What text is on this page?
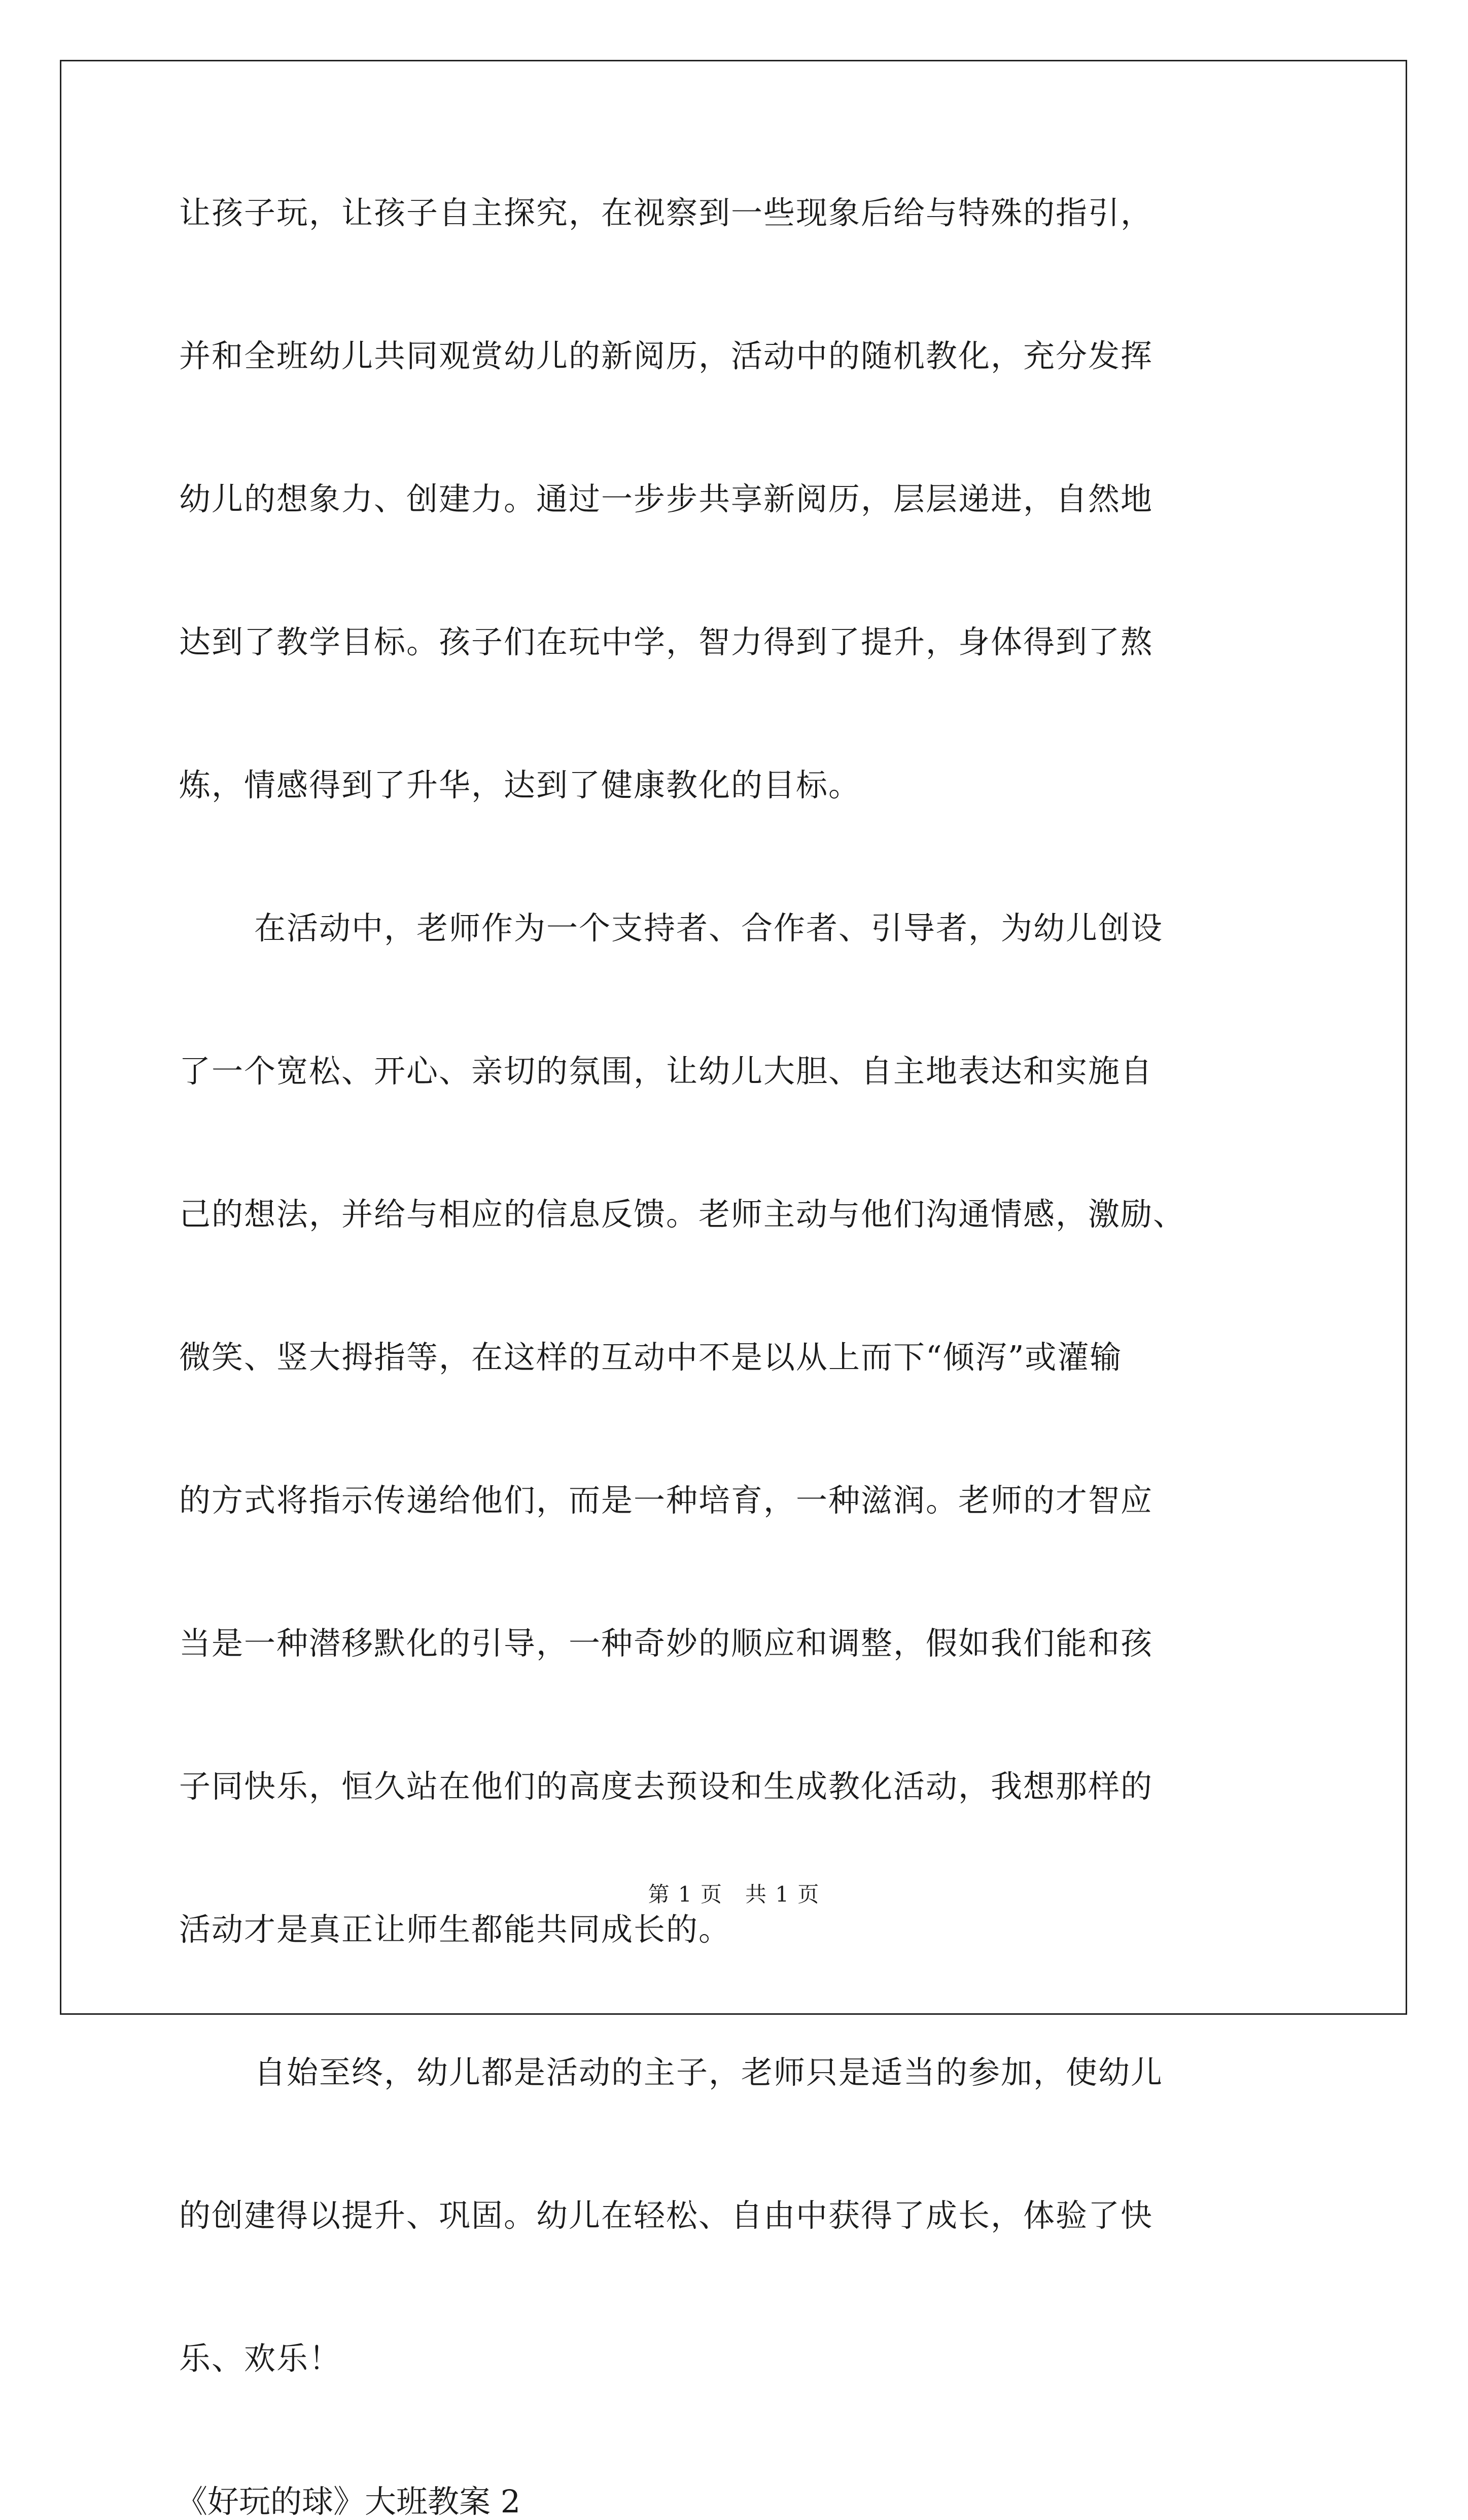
让孩子玩，让孩子自主探究，在视察到一些现象后给与特殊的指引，
并和全班幼儿共同观赏幼儿的新阅历，活动中的随机教化，充分发挥
幼儿的想象力、创建力。通过一步步共享新阅历，层层递进，自然地
达到了教学目标。孩子们在玩中学，智力得到了提升，身体得到了熬
炼，情感得到了升华，达到了健康教化的目标。
在活动中，老师作为一个支持者、合作者、引导者，为幼儿创设
了一个宽松、开心、亲切的氛围，让幼儿大胆、自主地表达和实施自
己的想法，并给与相应的信息反馈。老师主动与他们沟通情感，激励、
微笑、竖大拇指等，在这样的互动中不是以从上而下“倾泻”或灌输
的方式将指示传递给他们，而是一种培育，一种滋润。老师的才智应
当是一种潜移默化的引导，一种奇妙的顺应和调整，假如我们能和孩
子同快乐，恒久站在他们的高度去预设和生成教化活动，我想那样的
活动才是真正让师生都能共同成长的。
自始至终，幼儿都是活动的主子，老师只是适当的参加，使幼儿
的创建得以提升、巩固。幼儿在轻松、自由中获得了成长，体验了快
乐、欢乐！
《好玩的球》大班教案 2
第 1 页　共 1 页
